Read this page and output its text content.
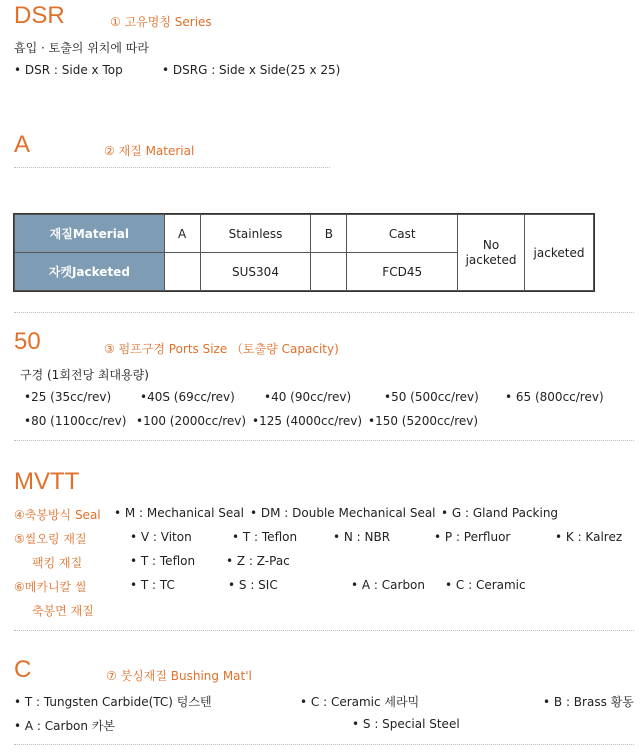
DSR	① 고유명칭 Series
흡입 · 토출의 위치에 따라
• DSR : Side x Top	• DSRG : Side x Side(25 x 25)
A	② 재질 Material
재질Material	A	Stainless	B	Cast	No jacketed	jacketed
자켓Jacketed		SUS304		FCD45		
50	③ 펌프구경 Ports Size （토출량 Capacity)
구경 (1회전당 최대용량)
•25 (35cc/rev) •40S (69cc/rev) •40 (90cc/rev)	•50 (500cc/rev) • 65 (800cc/rev)
•80 (1100cc/rev) •100 (2000cc/rev) •125 (4000cc/rev) •150 (5200cc/rev)
MVTT
④축봉방식 Seal • M : Mechanical Seal • DM : Double Mechanical Seal • G : Gland Packing
⑤씰오링 재질	• V : Viton	• T : Teflon	• N : NBR	• P : Perfluor	• K : Kalrez
팩킹 재질	• T : Teflon	• Z : Z-Pac
⑥메카니칼 씰	• T : TC	• S : SIC	• A : Carbon • C : Ceramic
축봉면 재질
C	⑦ 붓싱재질 Bushing Mat'l
• T : Tungsten Carbide(TC) 텅스텐	• C : Ceramic 세라믹	• B : Brass 황동
• A : Carbon 카본	• S : Special Steel
